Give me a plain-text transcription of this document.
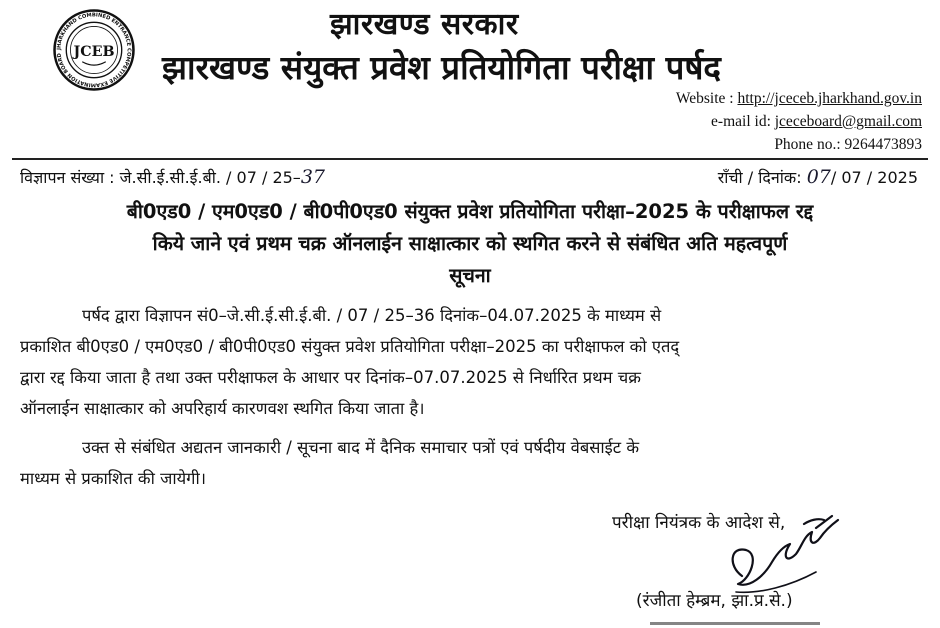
JHARKHAND COMBINED ENTRANCE COMPETITIVE EXAMINATION BOARD JCEB
झारखण्ड सरकार
झारखण्ड संयुक्त प्रवेश प्रतियोगिता परीक्षा पर्षद
Website : http://jceceb.jharkhand.gov.in
e-mail id: jceceboard@gmail.com
Phone no.: 9264473893
विज्ञापन संख्या : जे.सी.ई.सी.ई.बी. / 07 / 25–37	राँची / दिनांक: 07/ 07 / 2025
बी0एड0 / एम0एड0 / बी0पी0एड0 संयुक्त प्रवेश प्रतियोगिता परीक्षा–2025 के परीक्षाफल रद्द
किये जाने एवं प्रथम चक्र ऑनलाईन साक्षात्कार को स्थगित करने से संबंधित अति महत्वपूर्ण
सूचना
पर्षद द्वारा विज्ञापन सं0–जे.सी.ई.सी.ई.बी. / 07 / 25–36 दिनांक–04.07.2025 के माध्यम से
प्रकाशित बी0एड0 / एम0एड0 / बी0पी0एड0 संयुक्त प्रवेश प्रतियोगिता परीक्षा–2025 का परीक्षाफल को एतद्
द्वारा रद्द किया जाता है तथा उक्त परीक्षाफल के आधार पर दिनांक–07.07.2025 से निर्धारित प्रथम चक्र
ऑनलाईन साक्षात्कार को अपरिहार्य कारणवश स्थगित किया जाता है।
उक्त से संबंधित अद्यतन जानकारी / सूचना बाद में दैनिक समाचार पत्रों एवं पर्षदीय वेबसाईट के
माध्यम से प्रकाशित की जायेगी।
परीक्षा नियंत्रक के आदेश से,
(रंजीता हेम्ब्रम, झा.प्र.से.)
